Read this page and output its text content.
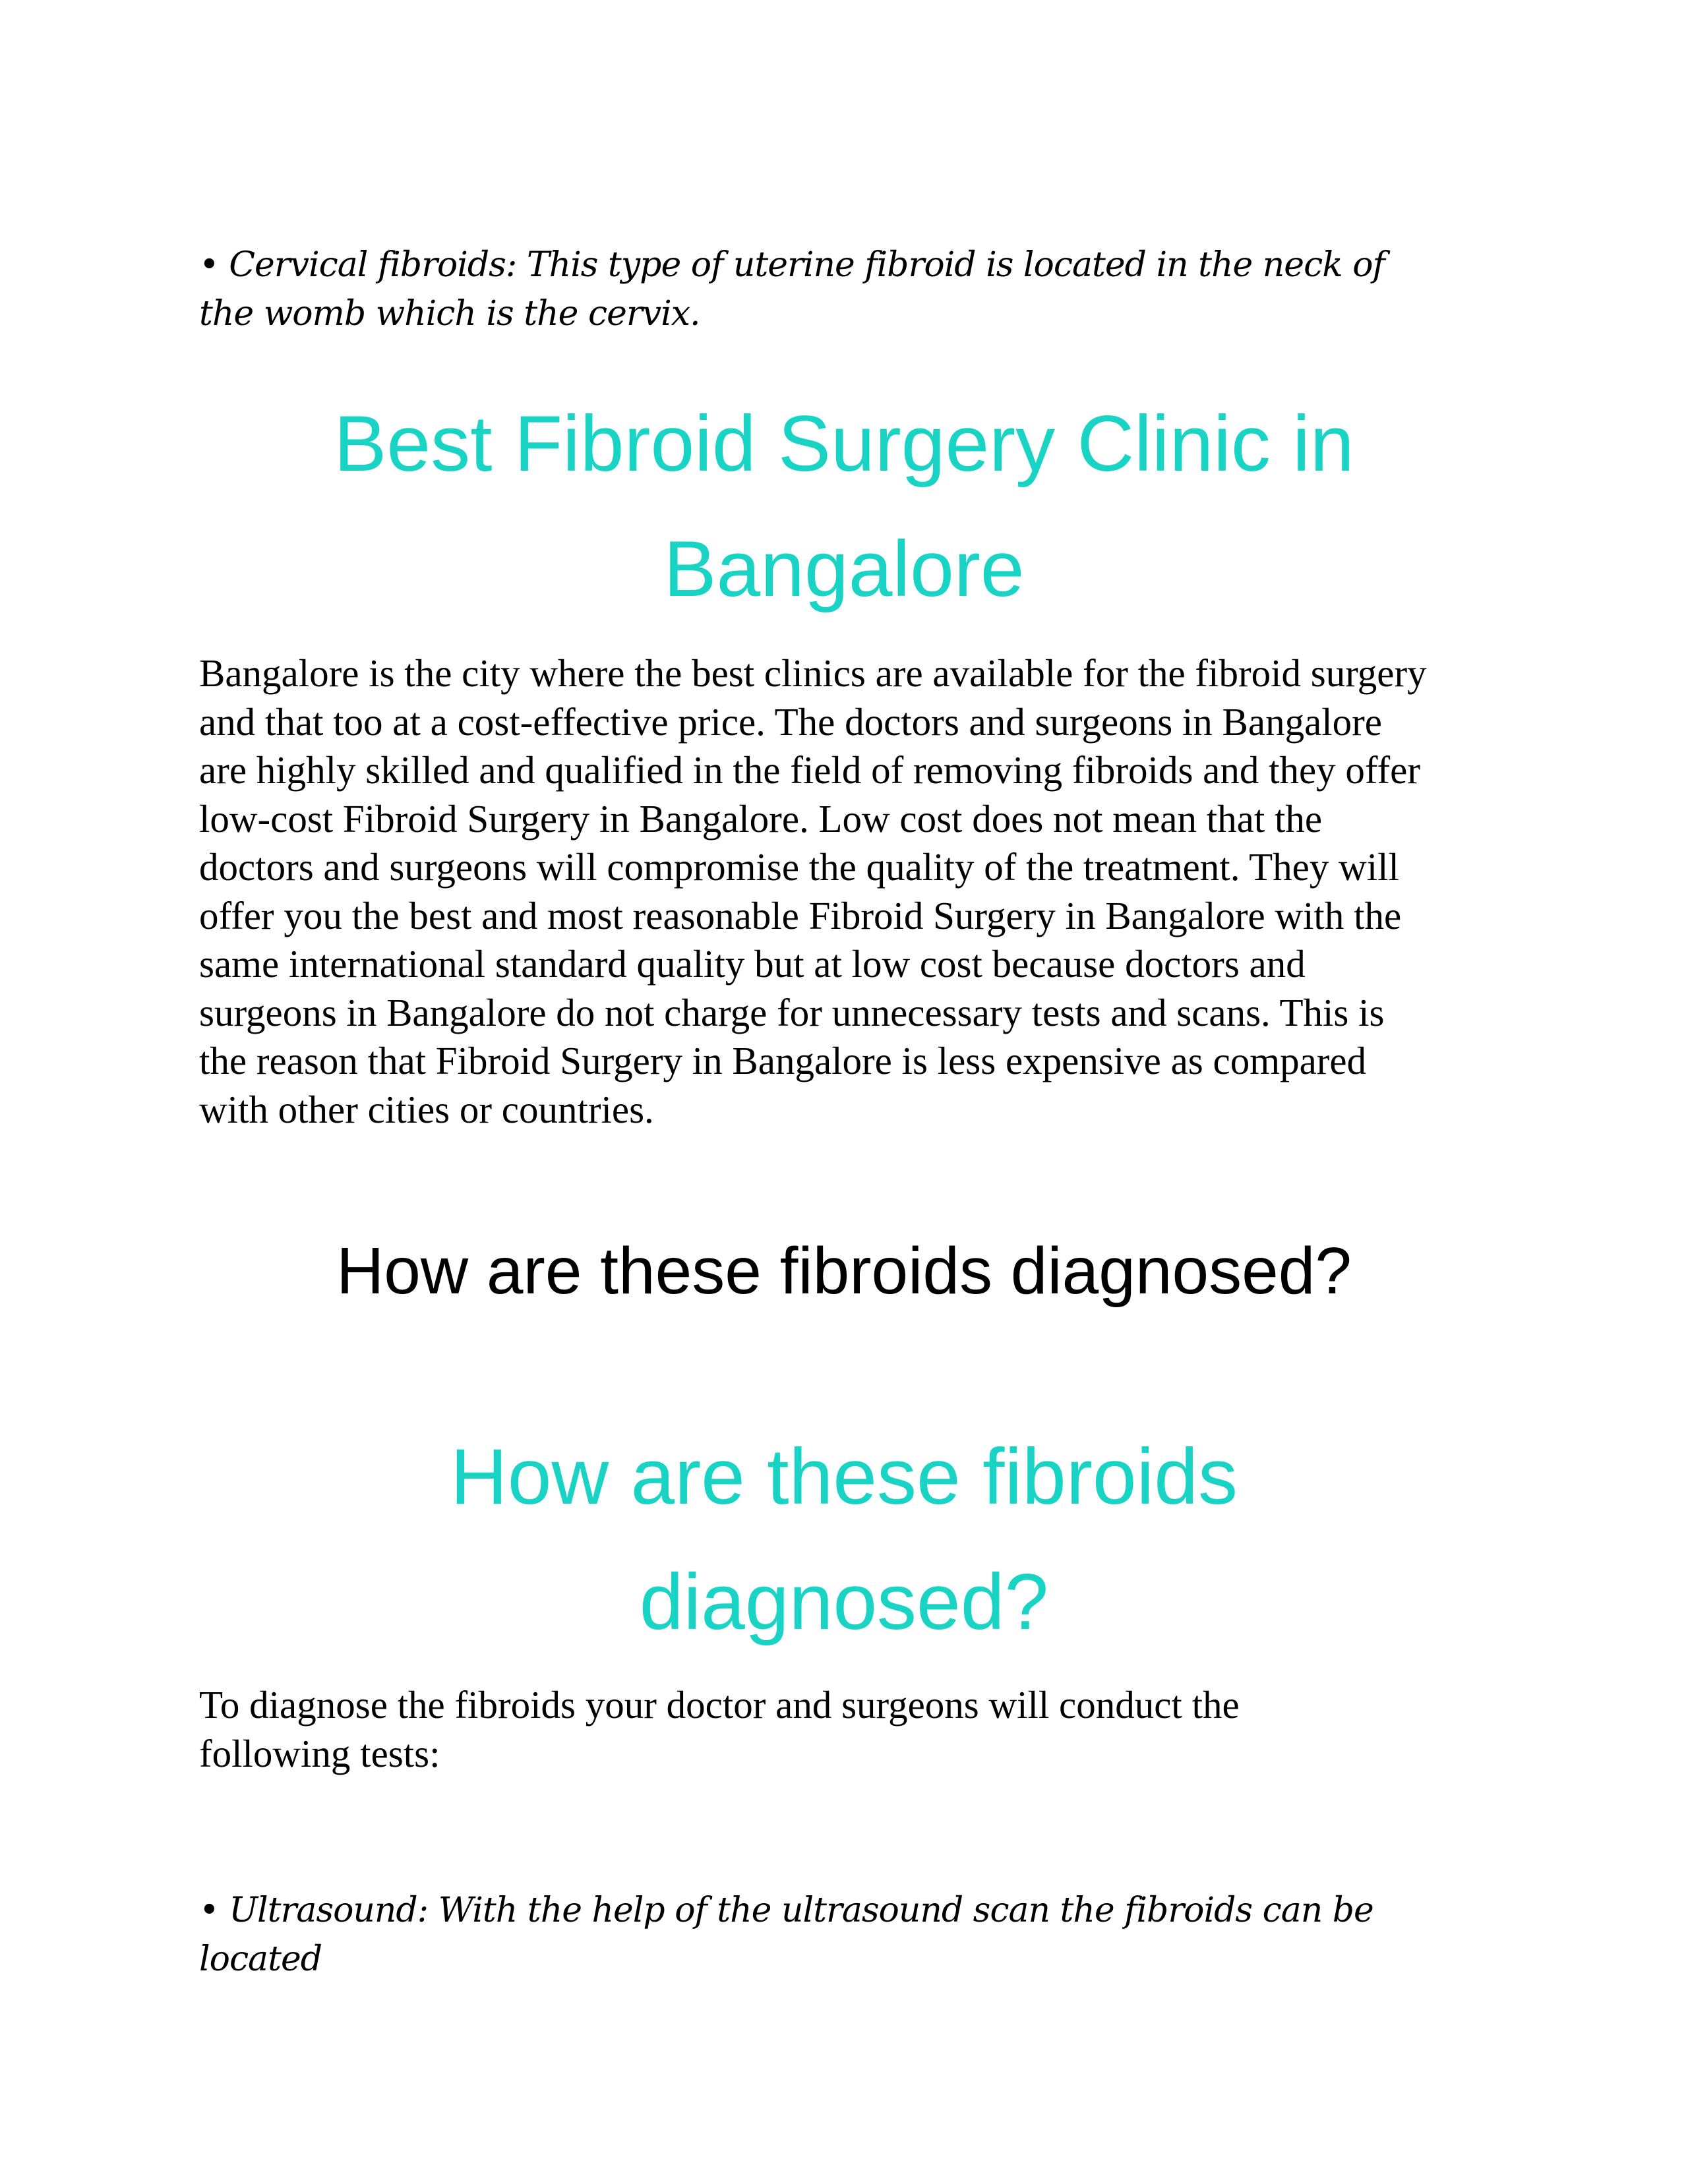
• Cervical fibroids: This type of uterine fibroid is located in the neck of
the womb which is the cervix.

Best Fibroid Surgery Clinic in
Bangalore

Bangalore is the city where the best clinics are available for the fibroid surgery
and that too at a cost-effective price. The doctors and surgeons in Bangalore
are highly skilled and qualified in the field of removing fibroids and they offer
low-cost Fibroid Surgery in Bangalore. Low cost does not mean that the
doctors and surgeons will compromise the quality of the treatment. They will
offer you the best and most reasonable Fibroid Surgery in Bangalore with the
same international standard quality but at low cost because doctors and
surgeons in Bangalore do not charge for unnecessary tests and scans. This is
the reason that Fibroid Surgery in Bangalore is less expensive as compared
with other cities or countries.

How are these fibroids diagnosed?
How are these fibroids
diagnosed?

To diagnose the fibroids your doctor and surgeons will conduct the
following tests:

• Ultrasound: With the help of the ultrasound scan the fibroids can be located
